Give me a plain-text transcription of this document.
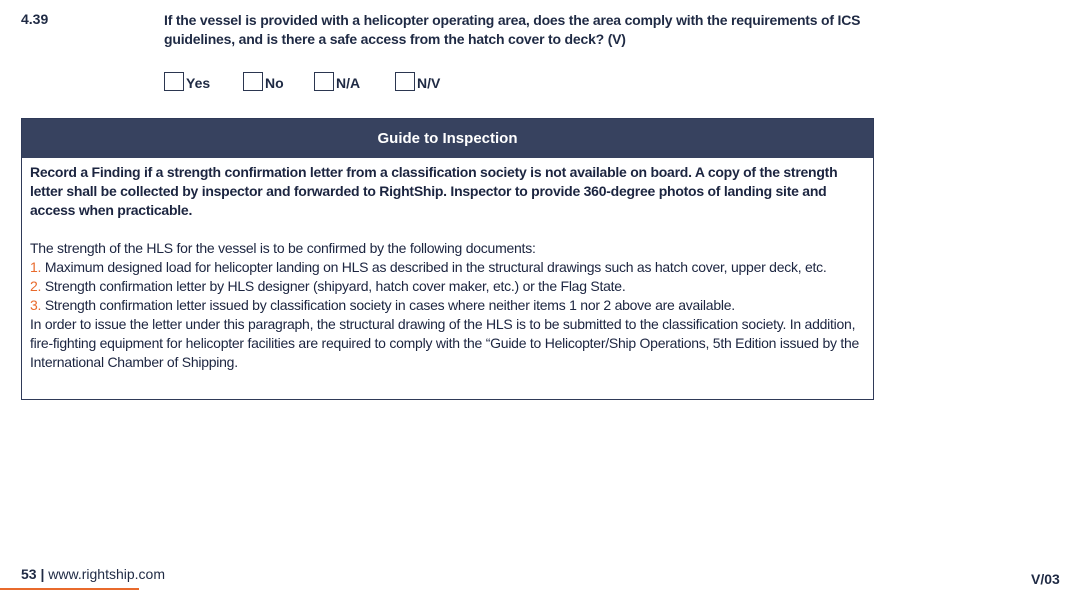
4.39	If the vessel is provided with a helicopter operating area, does the area comply with the requirements of ICS guidelines, and is there a safe access from the hatch cover to deck? (V)
Yes	No	N/A	N/V
Guide to Inspection

Record a Finding if a strength confirmation letter from a classification society is not available on board. A copy of the strength letter shall be collected by inspector and forwarded to RightShip. Inspector to provide 360-degree photos of landing site and access when practicable.

The strength of the HLS for the vessel is to be confirmed by the following documents:

1. Maximum designed load for helicopter landing on HLS as described in the structural drawings such as hatch cover, upper deck, etc.

2. Strength confirmation letter by HLS designer (shipyard, hatch cover maker, etc.) or the Flag State.

3. Strength confirmation letter issued by classification society in cases where neither items 1 nor 2 above are available.

In order to issue the letter under this paragraph, the structural drawing of the HLS is to be submitted to the classification society. In addition, fire-fighting equipment for helicopter facilities are required to comply with the “Guide to Helicopter/Ship Operations, 5th Edition issued by the International Chamber of Shipping.

53 | www.rightship.com	V/03
